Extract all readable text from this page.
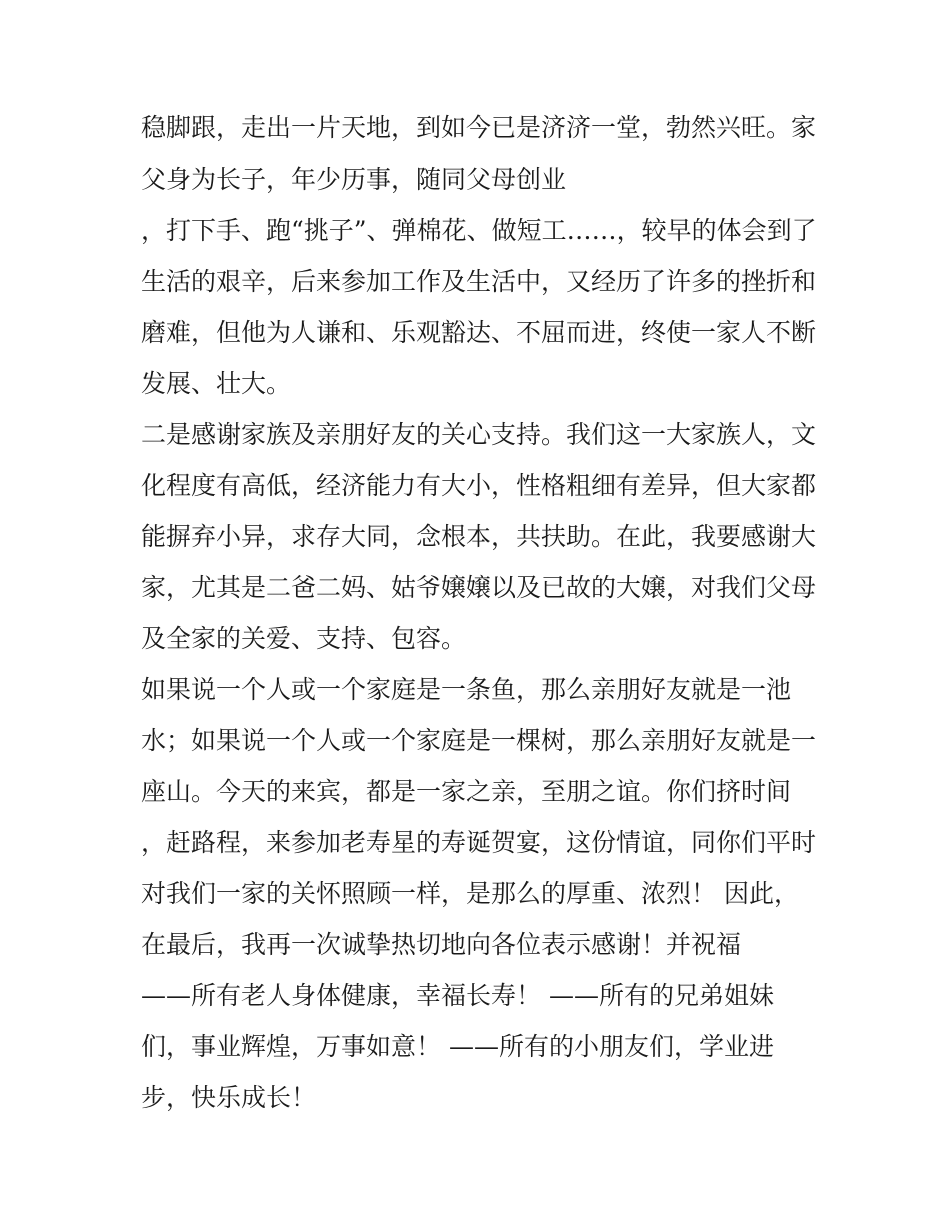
稳脚跟，走出一片天地，到如今已是济济一堂，勃然兴旺。家

父身为长子，年少历事，随同父母创业

，打下手、跑“挑子”、弹棉花、做短工……，较早的体会到了

生活的艰辛，后来参加工作及生活中，又经历了许多的挫折和

磨难，但他为人谦和、乐观豁达、不屈而进，终使一家人不断

发展、壮大。

二是感谢家族及亲朋好友的关心支持。我们这一大家族人，文

化程度有高低，经济能力有大小，性格粗细有差异，但大家都

能摒弃小异，求存大同，念根本，共扶助。在此，我要感谢大

家，尤其是二爸二妈、姑爷嬢嬢以及已故的大嬢，对我们父母

及全家的关爱、支持、包容。

如果说一个人或一个家庭是一条鱼，那么亲朋好友就是一池

水；如果说一个人或一个家庭是一棵树，那么亲朋好友就是一

座山。今天的来宾，都是一家之亲，至朋之谊。你们挤时间

，赶路程，来参加老寿星的寿诞贺宴，这份情谊，同你们平时

对我们一家的关怀照顾一样，是那么的厚重、浓烈！ 因此，

在最后，我再一次诚挚热切地向各位表示感谢！并祝福

——所有老人身体健康，幸福长寿！ ——所有的兄弟姐妹

们，事业辉煌，万事如意！ ——所有的小朋友们，学业进

步，快乐成长！
